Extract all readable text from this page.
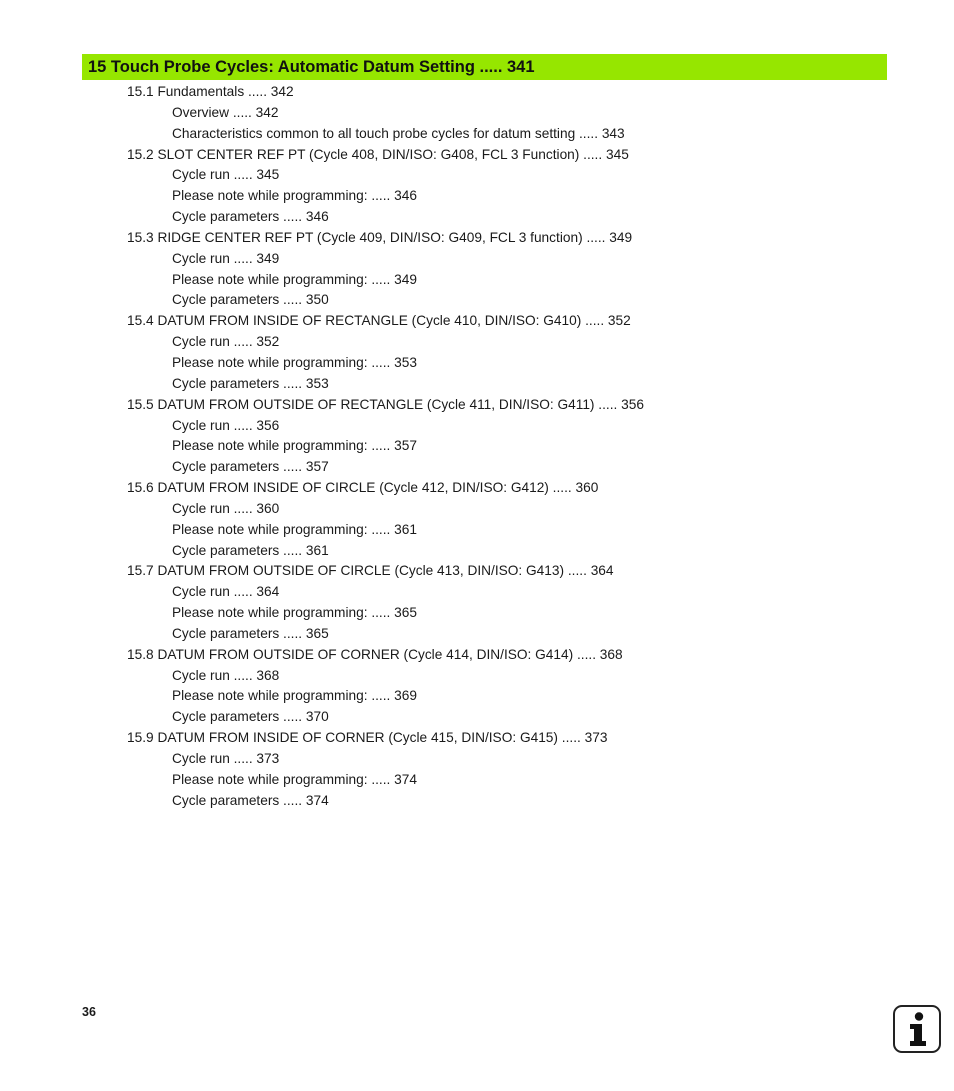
15 Touch Probe Cycles: Automatic Datum Setting ..... 341
15.1 Fundamentals ..... 342
Overview ..... 342
Characteristics common to all touch probe cycles for datum setting ..... 343
15.2 SLOT CENTER REF PT (Cycle 408, DIN/ISO: G408, FCL 3 Function) ..... 345
Cycle run ..... 345
Please note while programming: ..... 346
Cycle parameters ..... 346
15.3 RIDGE CENTER REF PT (Cycle 409, DIN/ISO: G409, FCL 3 function) ..... 349
Cycle run ..... 349
Please note while programming: ..... 349
Cycle parameters ..... 350
15.4 DATUM FROM INSIDE OF RECTANGLE (Cycle 410, DIN/ISO: G410) ..... 352
Cycle run ..... 352
Please note while programming: ..... 353
Cycle parameters ..... 353
15.5 DATUM FROM OUTSIDE OF RECTANGLE (Cycle 411, DIN/ISO: G411) ..... 356
Cycle run ..... 356
Please note while programming: ..... 357
Cycle parameters ..... 357
15.6 DATUM FROM INSIDE OF CIRCLE (Cycle 412, DIN/ISO: G412) ..... 360
Cycle run ..... 360
Please note while programming: ..... 361
Cycle parameters ..... 361
15.7 DATUM FROM OUTSIDE OF CIRCLE (Cycle 413, DIN/ISO: G413) ..... 364
Cycle run ..... 364
Please note while programming: ..... 365
Cycle parameters ..... 365
15.8 DATUM FROM OUTSIDE OF CORNER (Cycle 414, DIN/ISO: G414) ..... 368
Cycle run ..... 368
Please note while programming: ..... 369
Cycle parameters ..... 370
15.9 DATUM FROM INSIDE OF CORNER (Cycle 415, DIN/ISO: G415) ..... 373
Cycle run ..... 373
Please note while programming: ..... 374
Cycle parameters ..... 374
36
